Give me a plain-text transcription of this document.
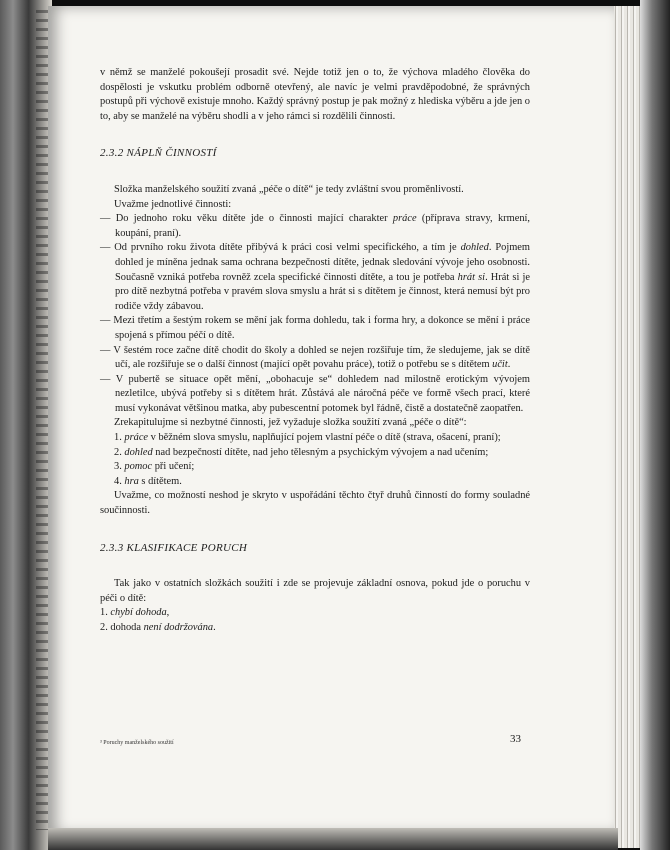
v němž se manželé pokoušejí prosadit své. Nejde totiž jen o to, že výchova mladého člověka do dospělosti je vskutku problém odborně otevřený, ale navíc je velmi pravděpodobné, že správných postupů při výchově existuje mnoho. Každý správný postup je pak možný z hlediska výběru a jde jen o to, aby se manželé na výběru shodli a v jeho rámci si rozdělili činnosti.

2.3.2 NÁPLŇ ČINNOSTÍ

Složka manželského soužití zvaná „péče o dítě“ je tedy zvláštní svou proměnlivostí.

Uvažme jednotlivé činnosti:

— Do jednoho roku věku dítěte jde o činnosti mající charakter práce (příprava stravy, krmení, koupání, praní).

— Od prvního roku života dítěte přibývá k práci cosi velmi specifického, a tím je dohled. Pojmem dohled je míněna jednak sama ochrana bezpečnosti dítěte, jednak sledování vývoje jeho osobnosti. Současně vzniká potřeba rovněž zcela specifické činnosti dítěte, a tou je potřeba hrát si. Hrát si je pro dítě nezbytná potřeba v pravém slova smyslu a hrát si s dítětem je činnost, která nemusí být pro rodiče vždy zábavou.

— Mezi třetím a šestým rokem se mění jak forma dohledu, tak i forma hry, a dokonce se mění i práce spojená s přímou péčí o dítě.

— V šestém roce začne dítě chodit do školy a dohled se nejen rozšiřuje tím, že sledujeme, jak se dítě učí, ale rozšiřuje se o další činnost (mající opět povahu práce), totiž o potřebu se s dítětem učit.

— V pubertě se situace opět mění, „obohacuje se“ dohledem nad milostně erotickým vývojem nezletilce, ubývá potřeby si s dítětem hrát. Zůstává ale náročná péče ve formě všech prací, které musí vykonávat většinou matka, aby pubescentní potomek byl řádně, čistě a dostatečně zaopatřen.

Zrekapitulujme si nezbytné činnosti, jež vyžaduje složka soužití zvaná „péče o dítě“:

1. práce v běžném slova smyslu, naplňující pojem vlastní péče o dítě (strava, ošacení, praní);

2. dohled nad bezpečností dítěte, nad jeho tělesným a psychickým vývojem a nad učením;

3. pomoc při učení;

4. hra s dítětem.

Uvažme, co možností neshod je skryto v uspořádání těchto čtyř druhů činností do formy souladné součinnosti.

2.3.3 KLASIFIKACE PORUCH

Tak jako v ostatních složkách soužití i zde se projevuje základní osnova, pokud jde o poruchu v péči o dítě:

1. chybí dohoda,

2. dohoda není dodržována.

³ Poruchy manželského soužití	33
